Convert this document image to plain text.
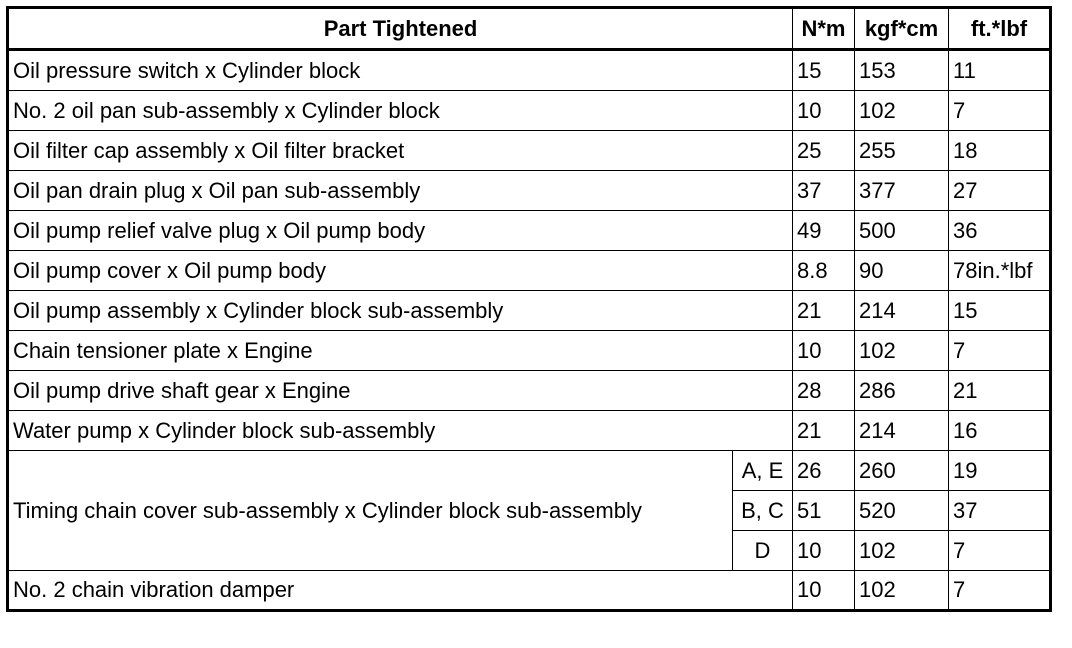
Part Tightened		N*m	kgf*cm	ft.*lbf
Oil pressure switch x Cylinder block		15	153	11
No. 2 oil pan sub-assembly x Cylinder block		10	102	7
Oil filter cap assembly x Oil filter bracket		25	255	18
Oil pan drain plug x Oil pan sub-assembly		37	377	27
Oil pump relief valve plug x Oil pump body		49	500	36
Oil pump cover x Oil pump body		8.8	90	78in.*lbf
Oil pump assembly x Cylinder block sub-assembly		21	214	15
Chain tensioner plate x Engine		10	102	7
Oil pump drive shaft gear x Engine		28	286	21
Water pump x Cylinder block sub-assembly		21	214	16
Timing chain cover sub-assembly x Cylinder block sub-assembly	A, E	26	260	19
	B, C	51	520	37
	D	10	102	7
No. 2 chain vibration damper		10	102	7
